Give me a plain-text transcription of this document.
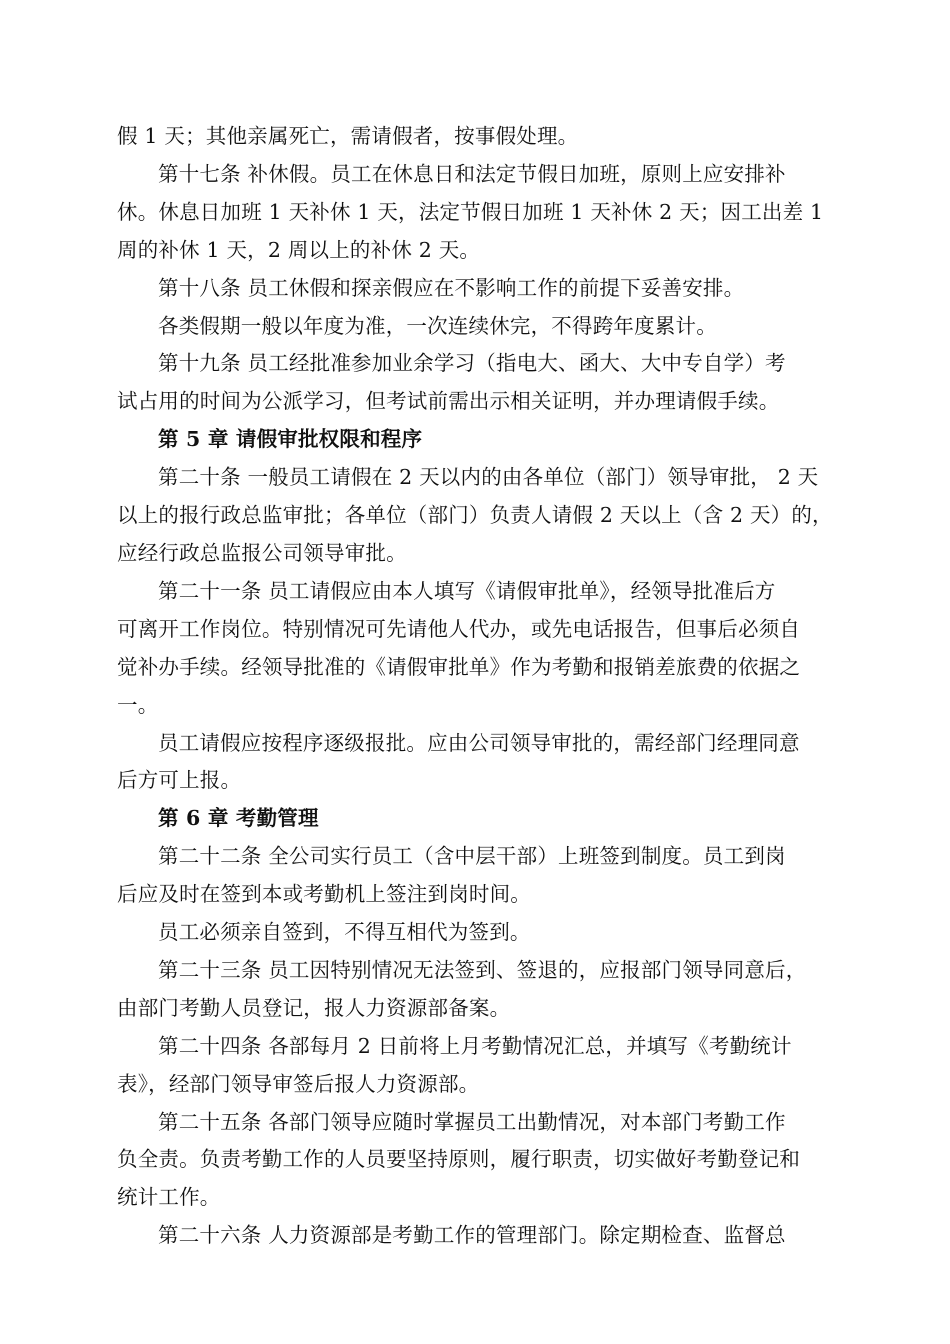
假 1 天；其他亲属死亡，需请假者，按事假处理。

第十七条 补休假。员工在休息日和法定节假日加班，原则上应安排补
休。休息日加班 1 天补休 1 天，法定节假日加班 1 天补休 2 天；因工出差 1
周的补休 1 天，2 周以上的补休 2 天。

第十八条 员工休假和探亲假应在不影响工作的前提下妥善安排。

各类假期一般以年度为准，一次连续休完，不得跨年度累计。

第十九条 员工经批准参加业余学习（指电大、函大、大中专自学）考
试占用的时间为公派学习，但考试前需出示相关证明，并办理请假手续。

第 5 章 请假审批权限和程序

第二十条 一般员工请假在 2 天以内的由各单位（部门）领导审批， 2 天
以上的报行政总监审批；各单位（部门）负责人请假 2 天以上（含 2 天）的，
应经行政总监报公司领导审批。

第二十一条 员工请假应由本人填写《请假审批单》，经领导批准后方
可离开工作岗位。特别情况可先请他人代办，或先电话报告，但事后必须自
觉补办手续。经领导批准的《请假审批单》作为考勤和报销差旅费的依据之
一。

员工请假应按程序逐级报批。应由公司领导审批的，需经部门经理同意
后方可上报。

第 6 章 考勤管理

第二十二条 全公司实行员工（含中层干部）上班签到制度。员工到岗
后应及时在签到本或考勤机上签注到岗时间。

员工必须亲自签到，不得互相代为签到。

第二十三条 员工因特别情况无法签到、签退的，应报部门领导同意后，
由部门考勤人员登记，报人力资源部备案。

第二十四条 各部每月 2 日前将上月考勤情况汇总，并填写《考勤统计
表》，经部门领导审签后报人力资源部。

第二十五条 各部门领导应随时掌握员工出勤情况，对本部门考勤工作
负全责。负责考勤工作的人员要坚持原则，履行职责，切实做好考勤登记和
统计工作。

第二十六条 人力资源部是考勤工作的管理部门。除定期检查、监督总
